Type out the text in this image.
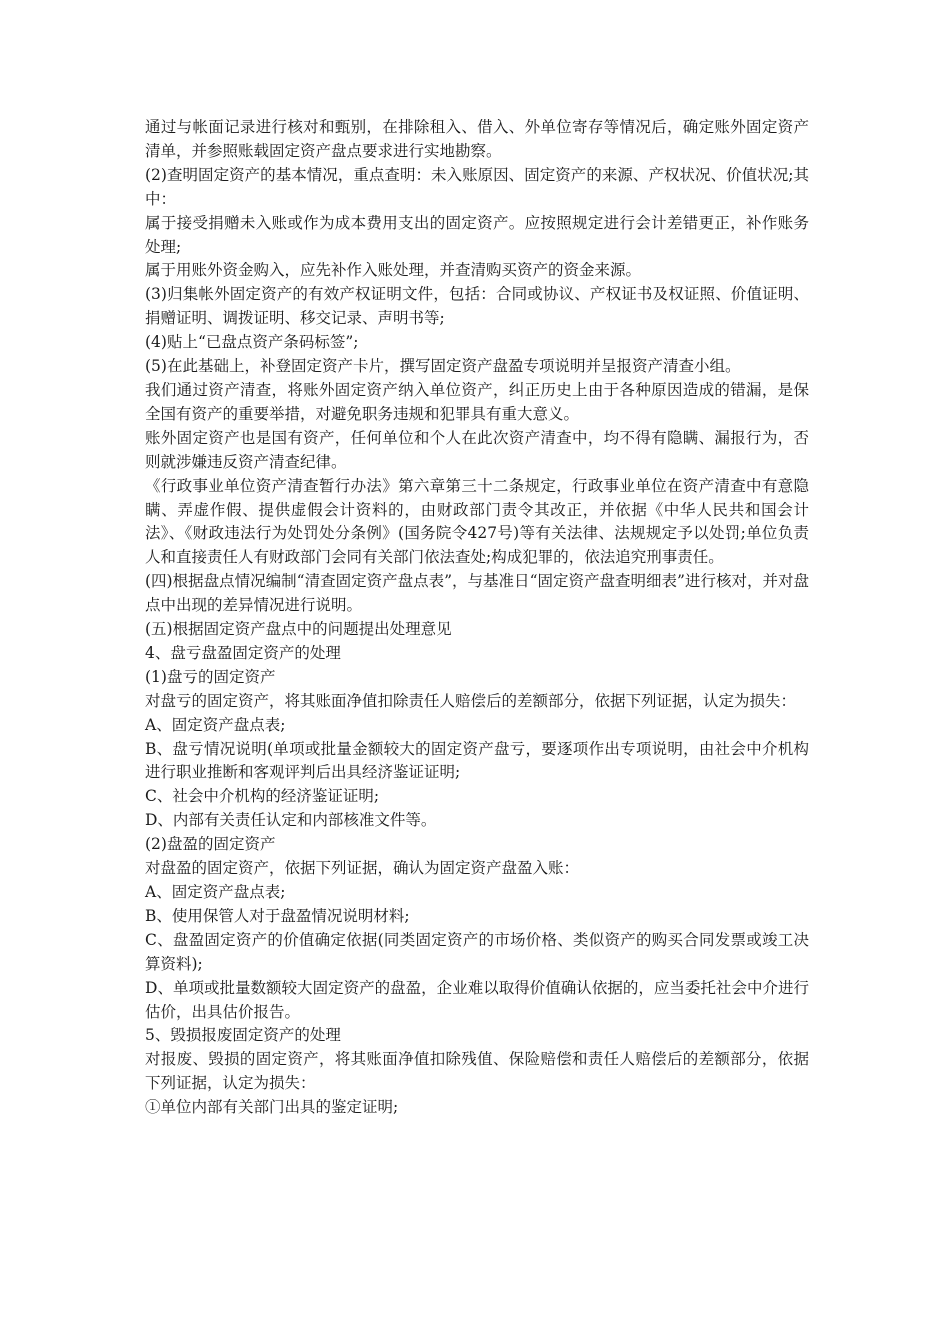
通过与帐面记录进行核对和甄别，在排除租入、借入、外单位寄存等情况后，确定账外固定资产清单，并参照账载固定资产盘点要求进行实地勘察。

(2)查明固定资产的基本情况，重点查明：未入账原因、固定资产的来源、产权状况、价值状况;其中：

属于接受捐赠未入账或作为成本费用支出的固定资产。应按照规定进行会计差错更正，补作账务处理;

属于用账外资金购入，应先补作入账处理，并查清购买资产的资金来源。

(3)归集帐外固定资产的有效产权证明文件，包括：合同或协议、产权证书及权证照、价值证明、捐赠证明、调拨证明、移交记录、声明书等;

(4)贴上“已盘点资产条码标签”;

(5)在此基础上，补登固定资产卡片，撰写固定资产盘盈专项说明并呈报资产清查小组。

我们通过资产清查，将账外固定资产纳入单位资产，纠正历史上由于各种原因造成的错漏，是保全国有资产的重要举措，对避免职务违规和犯罪具有重大意义。

账外固定资产也是国有资产，任何单位和个人在此次资产清查中，均不得有隐瞒、漏报行为，否则就涉嫌违反资产清查纪律。

《行政事业单位资产清查暂行办法》第六章第三十二条规定，行政事业单位在资产清查中有意隐瞒、弄虚作假、提供虚假会计资料的，由财政部门责令其改正，并依据《中华人民共和国会计法》、《财政违法行为处罚处分条例》(国务院令427号)等有关法律、法规规定予以处罚;单位负责人和直接责任人有财政部门会同有关部门依法查处;构成犯罪的，依法追究刑事责任。

(四)根据盘点情况编制“清查固定资产盘点表”，与基准日“固定资产盘查明细表”进行核对，并对盘点中出现的差异情况进行说明。

(五)根据固定资产盘点中的问题提出处理意见

4、盘亏盘盈固定资产的处理

(1)盘亏的固定资产

对盘亏的固定资产，将其账面净值扣除责任人赔偿后的差额部分，依据下列证据，认定为损失：

A、固定资产盘点表;

B、盘亏情况说明(单项或批量金额较大的固定资产盘亏，要逐项作出专项说明，由社会中介机构进行职业推断和客观评判后出具经济鉴证证明;

C、社会中介机构的经济鉴证证明;

D、内部有关责任认定和内部核准文件等。

(2)盘盈的固定资产

对盘盈的固定资产，依据下列证据，确认为固定资产盘盈入账：

A、固定资产盘点表;

B、使用保管人对于盘盈情况说明材料;

C、盘盈固定资产的价值确定依据(同类固定资产的市场价格、类似资产的购买合同发票或竣工决算资料);

D、单项或批量数额较大固定资产的盘盈，企业难以取得价值确认依据的，应当委托社会中介进行估价，出具估价报告。

5、毁损报废固定资产的处理

对报废、毁损的固定资产，将其账面净值扣除残值、保险赔偿和责任人赔偿后的差额部分，依据下列证据，认定为损失：

①单位内部有关部门出具的鉴定证明;
